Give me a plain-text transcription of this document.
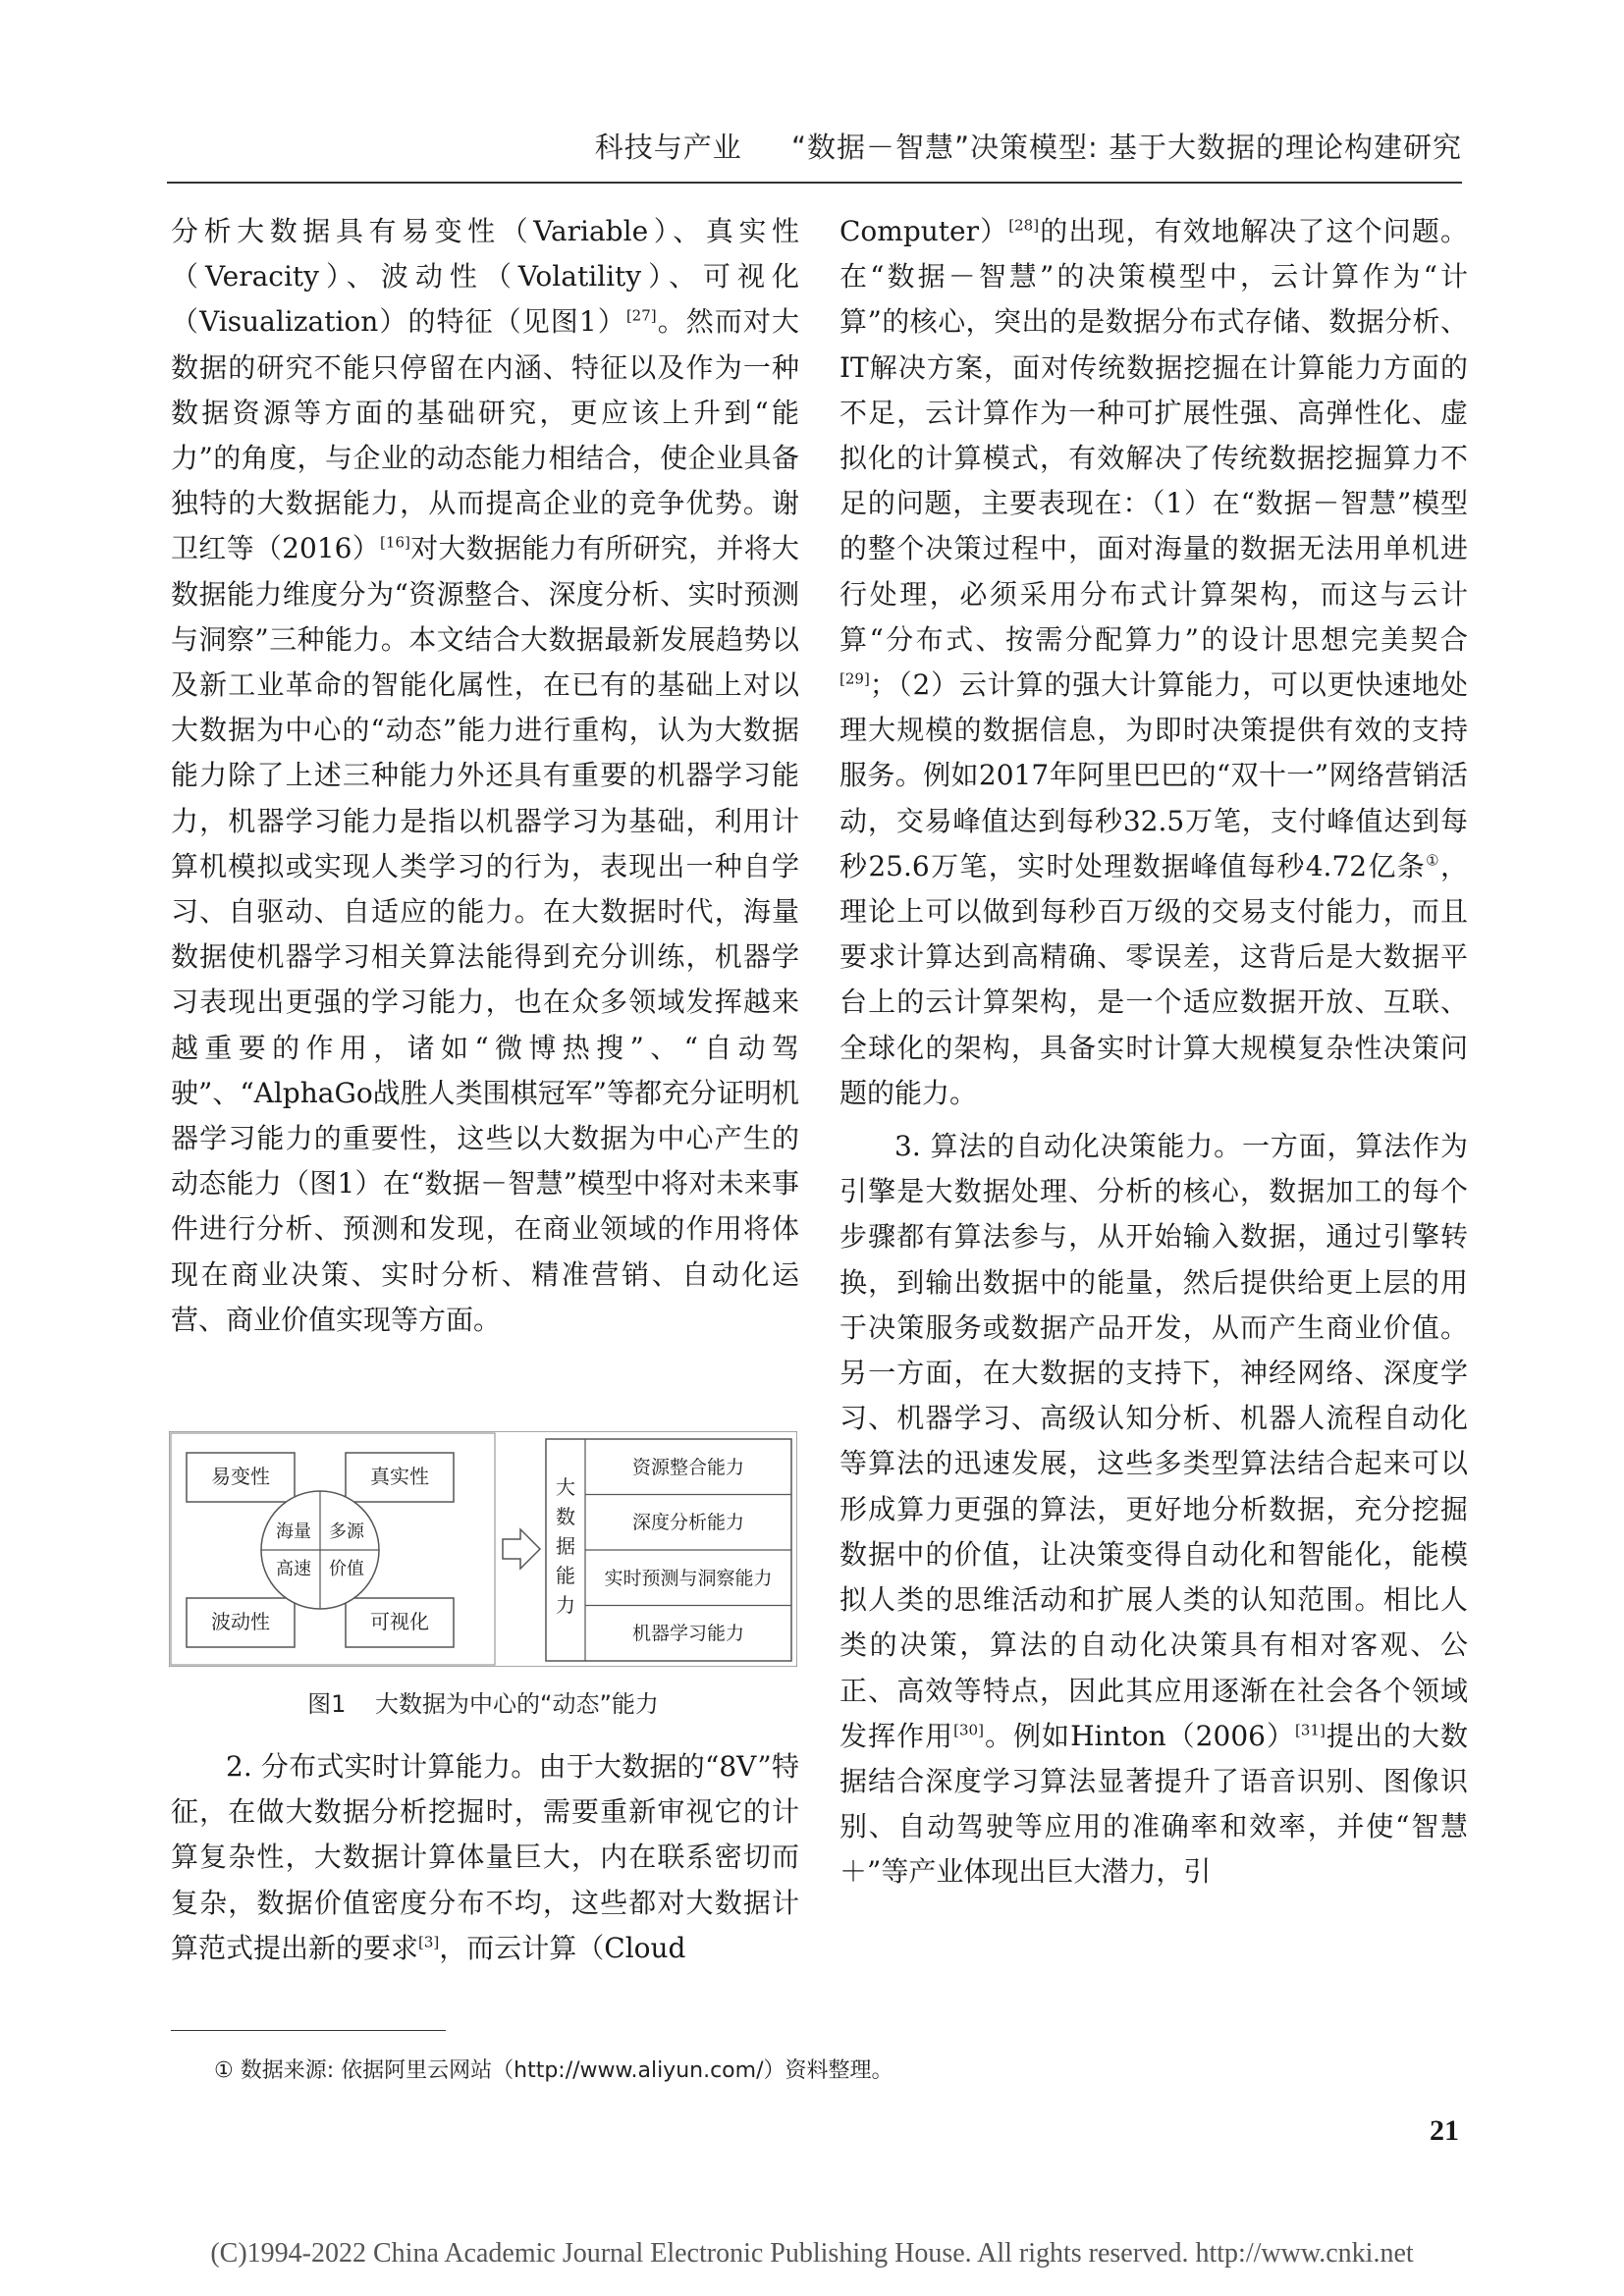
科技与产业 “数据－智慧”决策模型: 基于大数据的理论构建研究

分析大数据具有易变性（Variable）、真实性（Veracity）、波动性（Volatility）、可视化（Visualization）的特征（见图1）[27]。然而对大数据的研究不能只停留在内涵、特征以及作为一种数据资源等方面的基础研究，更应该上升到“能力”的角度，与企业的动态能力相结合，使企业具备独特的大数据能力，从而提高企业的竞争优势。谢卫红等（2016）[16]对大数据能力有所研究，并将大数据能力维度分为“资源整合、深度分析、实时预测与洞察”三种能力。本文结合大数据最新发展趋势以及新工业革命的智能化属性，在已有的基础上对以大数据为中心的“动态”能力进行重构，认为大数据能力除了上述三种能力外还具有重要的机器学习能力，机器学习能力是指以机器学习为基础，利用计算机模拟或实现人类学习的行为，表现出一种自学习、自驱动、自适应的能力。在大数据时代，海量数据使机器学习相关算法能得到充分训练，机器学习表现出更强的学习能力，也在众多领域发挥越来越重要的作用，诸如“微博热搜”、“自动驾驶”、“AlphaGo战胜人类围棋冠军”等都充分证明机器学习能力的重要性，这些以大数据为中心产生的动态能力（图1）在“数据－智慧”模型中将对未来事件进行分析、预测和发现，在商业领域的作用将体现在商业决策、实时分析、精准营销、自动化运营、商业价值实现等方面。

易变性	真实性
波动性	可视化
海量 多源
高速 价值
大
数
据
能
力
资源整合能力
深度分析能力
实时预测与洞察能力
机器学习能力
图1 大数据为中心的“动态”能力

2. 分布式实时计算能力。由于大数据的“8V”特征，在做大数据分析挖掘时，需要重新审视它的计算复杂性，大数据计算体量巨大，内在联系密切而复杂，数据价值密度分布不均，这些都对大数据计算范式提出新的要求[3]，而云计算（Cloud

Computer）[28]的出现，有效地解决了这个问题。在“数据－智慧”的决策模型中，云计算作为“计算”的核心，突出的是数据分布式存储、数据分析、IT解决方案，面对传统数据挖掘在计算能力方面的不足，云计算作为一种可扩展性强、高弹性化、虚拟化的计算模式，有效解决了传统数据挖掘算力不足的问题，主要表现在：（1）在“数据－智慧”模型的整个决策过程中，面对海量的数据无法用单机进行处理，必须采用分布式计算架构，而这与云计算“分布式、按需分配算力”的设计思想完美契合[29]；（2）云计算的强大计算能力，可以更快速地处理大规模的数据信息，为即时决策提供有效的支持服务。例如2017年阿里巴巴的“双十一”网络营销活动，交易峰值达到每秒32.5万笔，支付峰值达到每秒25.6万笔，实时处理数据峰值每秒4.72亿条①，理论上可以做到每秒百万级的交易支付能力，而且要求计算达到高精确、零误差，这背后是大数据平台上的云计算架构，是一个适应数据开放、互联、全球化的架构，具备实时计算大规模复杂性决策问题的能力。

3. 算法的自动化决策能力。一方面，算法作为引擎是大数据处理、分析的核心，数据加工的每个步骤都有算法参与，从开始输入数据，通过引擎转换，到输出数据中的能量，然后提供给更上层的用于决策服务或数据产品开发，从而产生商业价值。另一方面，在大数据的支持下，神经网络、深度学习、机器学习、高级认知分析、机器人流程自动化等算法的迅速发展，这些多类型算法结合起来可以形成算力更强的算法，更好地分析数据，充分挖掘数据中的价值，让决策变得自动化和智能化，能模拟人类的思维活动和扩展人类的认知范围。相比人类的决策，算法的自动化决策具有相对客观、公正、高效等特点，因此其应用逐渐在社会各个领域发挥作用[30]。例如Hinton（2006）[31]提出的大数据结合深度学习算法显著提升了语音识别、图像识别、自动驾驶等应用的准确率和效率，并使“智慧＋”等产业体现出巨大潜力，引

① 数据来源: 依据阿里云网站（http://www.aliyun.com/）资料整理。
21
(C)1994-2022 China Academic Journal Electronic Publishing House. All rights reserved. http://www.cnki.net
